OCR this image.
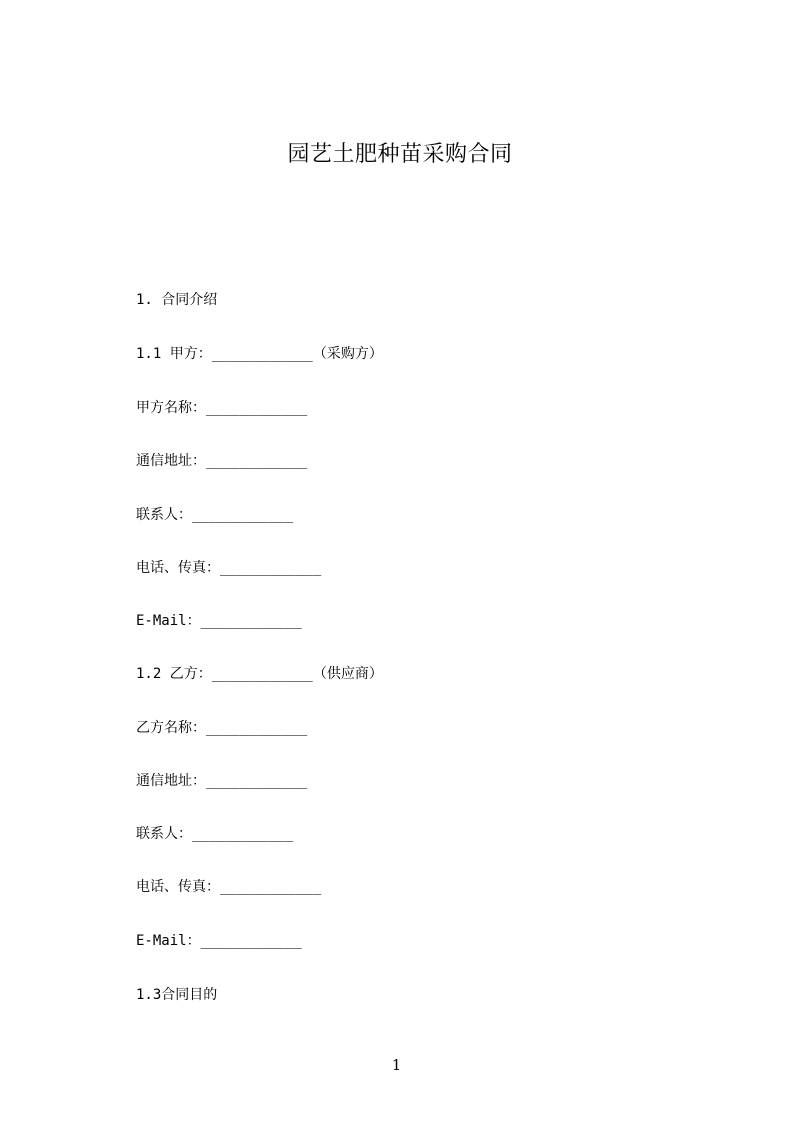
园艺土肥种苗采购合同
1. 合同介绍
1.1 甲方：____________（采购方）
甲方名称：____________
通信地址：____________
联系人：____________
电话、传真：____________
E-Mail：____________
1.2 乙方：____________（供应商）
乙方名称：____________
通信地址：____________
联系人：____________
电话、传真：____________
E-Mail：____________
1.3合同目的
1
